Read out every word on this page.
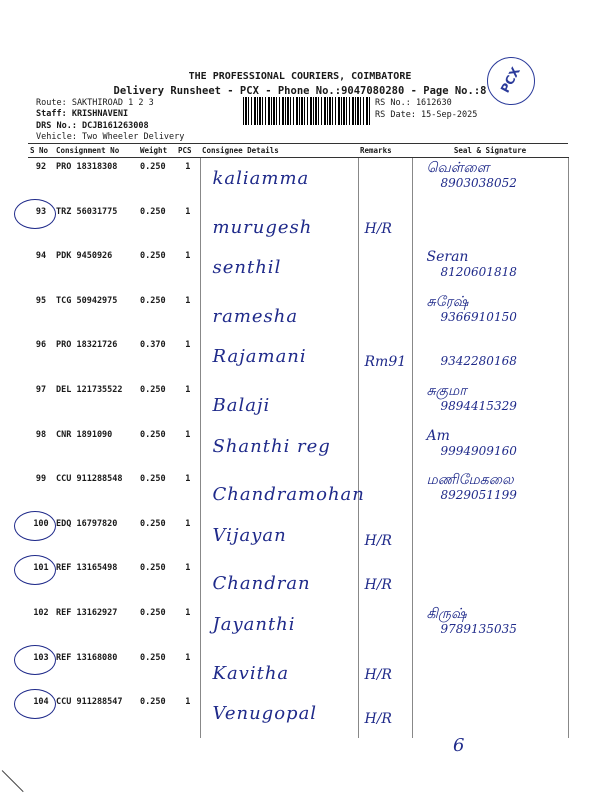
THE PROFESSIONAL COURIERS, COIMBATORE
Delivery Runsheet - PCX - Phone No.:9047080280 - Page No.:8
Route: SAKTHIROAD 1 2 3
Staff: KRISHNAVENI
DRS No.: DCJB161263008
Vehicle: Two Wheeler Delivery
RS No.: 1612630
RS Date: 15-Sep-2025
PCX
S No	Consignment No	Weight	PCS	Consignee Details	Remarks	Seal & Signature
92	PRO 18318308	0.250	1	kaliamma		வெள்ளை
8903038052

93	TRZ 56031775	0.250	1	murugesh	H/R	

94	PDK 9450926	0.250	1	senthil		Seran
8120601818

95	TCG 50942975	0.250	1	ramesha		சுரேஷ்
9366910150

96	PRO 18321726	0.370	1	Rajamani	Rm91	9342280168

97	DEL 121735522	0.250	1	Balaji		சுகுமா
9894415329

98	CNR 1891090	0.250	1	Shanthi reg		Am
9994909160

99	CCU 911288548	0.250	1	Chandramohan		மணிமேகலை
8929051199

100	EDQ 16797820	0.250	1	Vijayan	H/R	

101	REF 13165498	0.250	1	Chandran	H/R	

102	REF 13162927	0.250	1	Jayanthi		கிருஷ்
9789135035

103	REF 13168080	0.250	1	Kavitha	H/R	

104	CCU 911288547	0.250	1	Venugopal	H/R	

6
